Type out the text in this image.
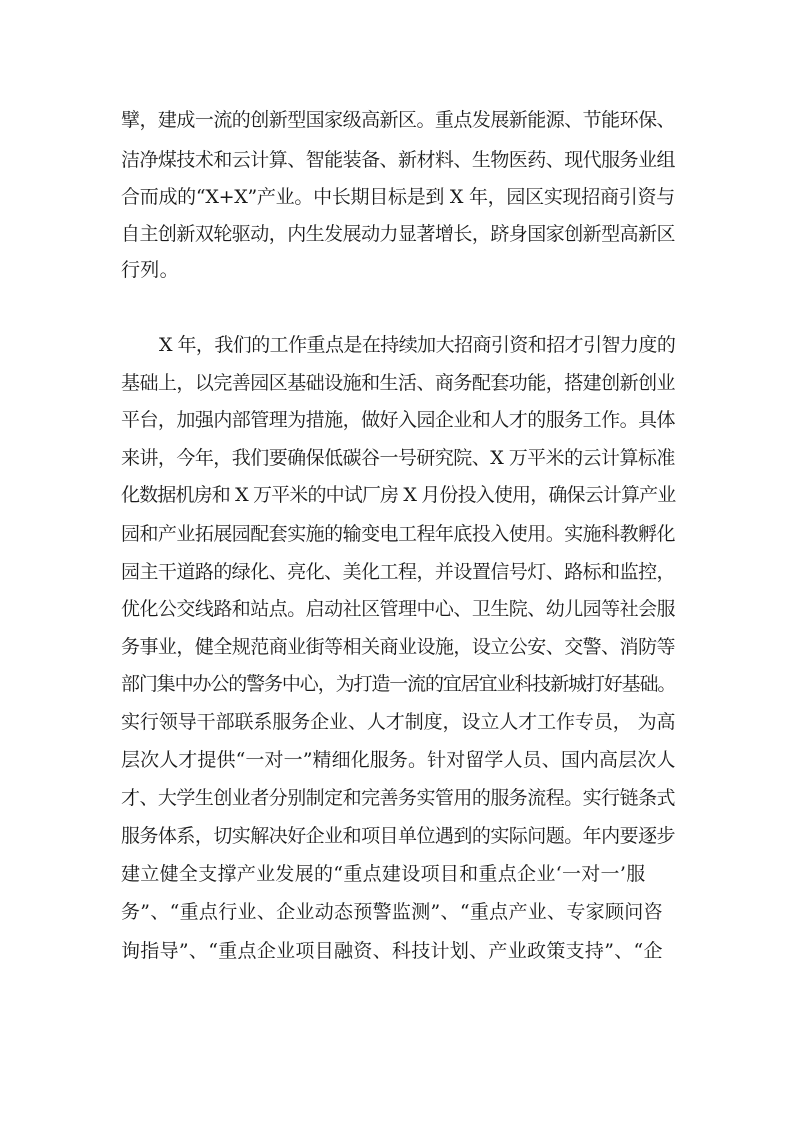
擘，建成一流的创新型国家级高新区。重点发展新能源、节能环保、
洁净煤技术和云计算、智能装备、新材料、生物医药、现代服务业组
合而成的“X+X”产业。中长期目标是到 X 年，园区实现招商引资与
自主创新双轮驱动，内生发展动力显著增长，跻身国家创新型高新区
行列。
X 年，我们的工作重点是在持续加大招商引资和招才引智力度的
基础上，以完善园区基础设施和生活、商务配套功能，搭建创新创业
平台，加强内部管理为措施，做好入园企业和人才的服务工作。具体
来讲，今年，我们要确保低碳谷一号研究院、X 万平米的云计算标准
化数据机房和 X 万平米的中试厂房 X 月份投入使用，确保云计算产业
园和产业拓展园配套实施的输变电工程年底投入使用。实施科教孵化
园主干道路的绿化、亮化、美化工程，并设置信号灯、路标和监控，
优化公交线路和站点。启动社区管理中心、卫生院、幼儿园等社会服
务事业，健全规范商业街等相关商业设施，设立公安、交警、消防等
部门集中办公的警务中心，为打造一流的宜居宜业科技新城打好基础。
实行领导干部联系服务企业、人才制度，设立人才工作专员， 为高
层次人才提供“一对一”精细化服务。针对留学人员、国内高层次人
才、大学生创业者分别制定和完善务实管用的服务流程。实行链条式
服务体系，切实解决好企业和项目单位遇到的实际问题。年内要逐步
建立健全支撑产业发展的“重点建设项目和重点企业‘一对一’服
务”、“重点行业、企业动态预警监测”、“重点产业、专家顾问咨
询指导”、“重点企业项目融资、科技计划、产业政策支持”、“企
